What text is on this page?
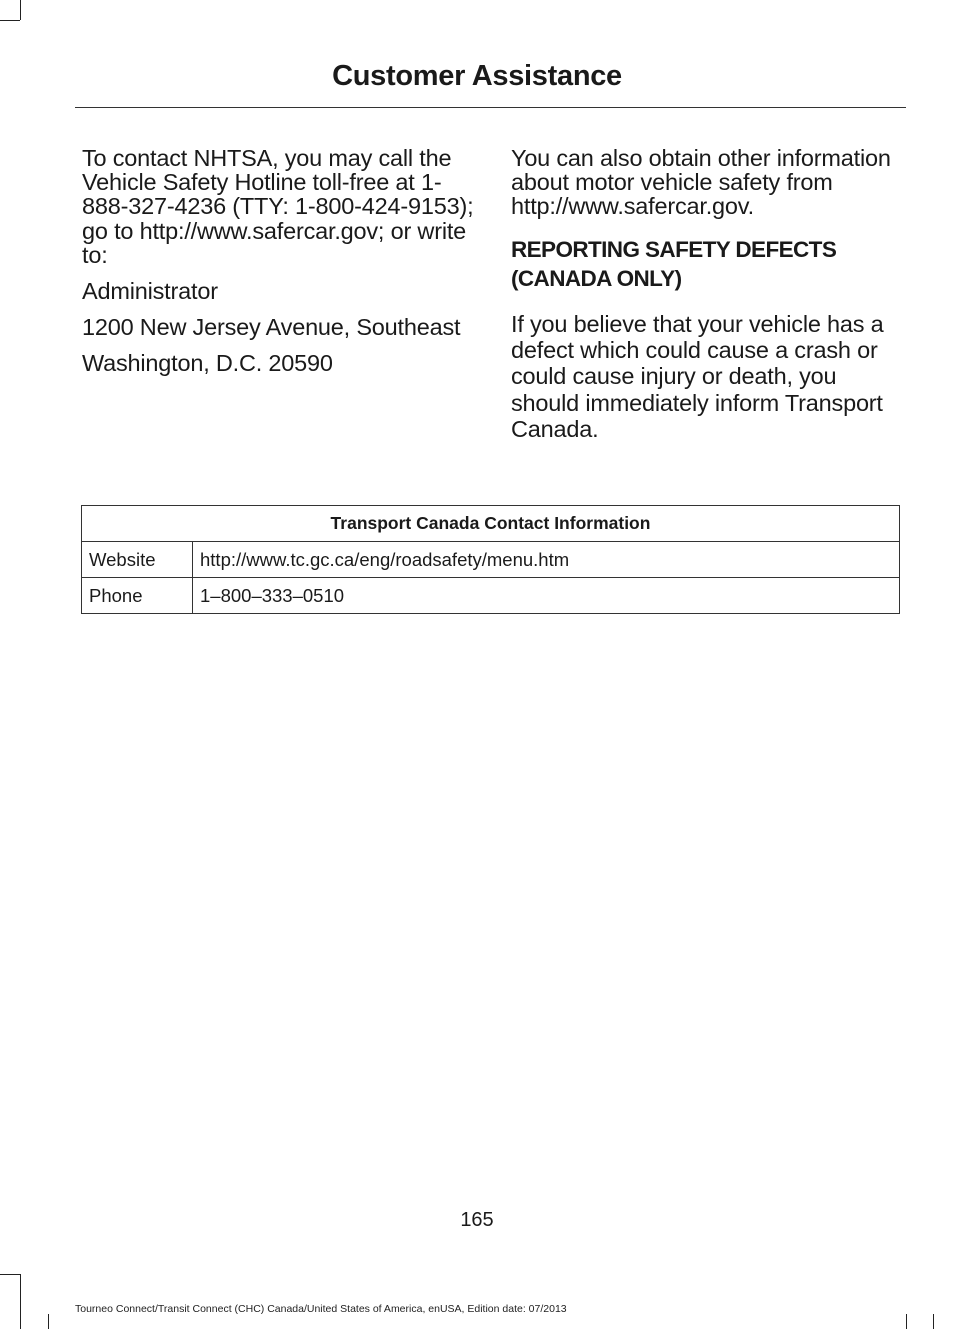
Customer Assistance

To contact NHTSA, you may call the Vehicle Safety Hotline toll-free at 1-888-327-4236 (TTY: 1-800-424-9153); go to http://www.safercar.gov; or write to:

Administrator

1200 New Jersey Avenue, Southeast

Washington, D.C. 20590

You can also obtain other information about motor vehicle safety from http://www.safercar.gov.

REPORTING SAFETY DEFECTS (CANADA ONLY)

If you believe that your vehicle has a defect which could cause a crash or could cause injury or death, you should immediately inform Transport Canada.

Transport Canada Contact Information	
Website	http://www.tc.gc.ca/eng/roadsafety/menu.htm
Phone	1–800–333–0510
165
Tourneo Connect/Transit Connect (CHC) Canada/United States of America, enUSA, Edition date: 07/2013
